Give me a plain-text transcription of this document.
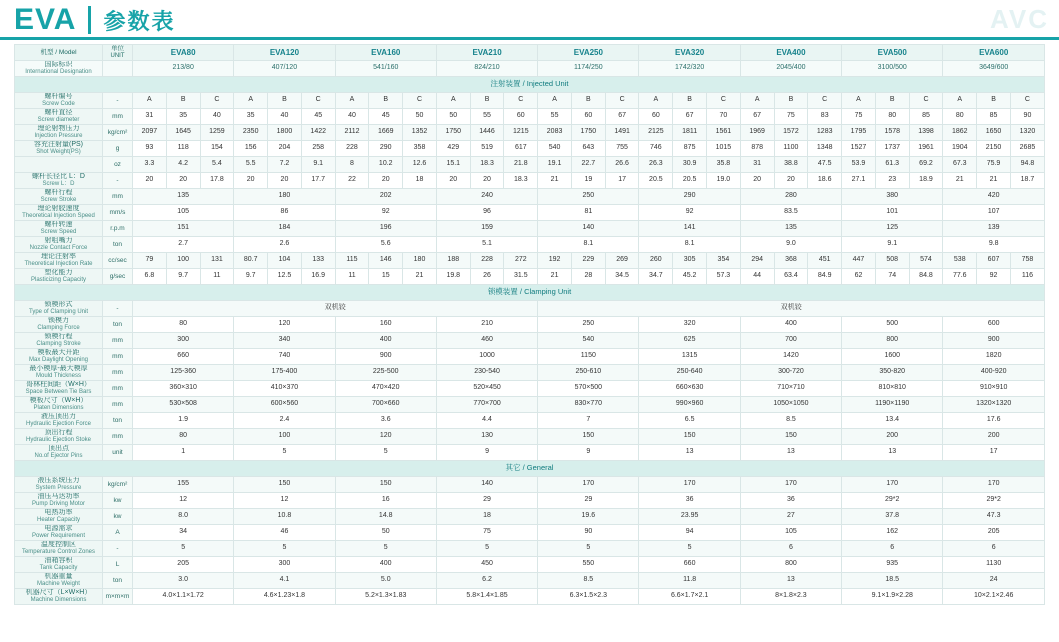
EVA 参数表	AVC
机型 / Model	单位
UNIT	EVA80			EVA120			EVA160			EVA210			EVA250			EVA320			EVA400			EVA500			EVA600		

国际标识
International Designation		213/80			407/120			541/160			824/210			1174/250			1742/320			2045/400			3100/500			3649/600		
注射装置 / Injected Unit																												

螺杆编号
Screw Code	-	A	B	C	A	B	C	A	B	C	A	B	C	A	B	C	A	B	C	A	B	C	A	B	C	A	B	C

螺杆直径
Screw diameter	mm	31	35	40	35	40	45	40	45	50	50	55	60	55	60	67	60	67	70	67	75	83	75	80	85	80	85	90

理论射物压力
Injection Pressure	kg/cm²	2097	1645	1259	2350	1800	1422	2112	1669	1352	1750	1446	1215	2083	1750	1491	2125	1811	1561	1969	1572	1283	1795	1578	1398	1862	1650	1320

容充注射量(PS)
Shot Weight(PS)	g	93	118	154	156	204	258	228	290	358	429	519	617	540	643	755	746	875	1015	878	1100	1348	1527	1737	1961	1904	2150	2685
	oz	3.3	4.2	5.4	5.5	7.2	9.1	8	10.2	12.6	15.1	18.3	21.8	19.1	22.7	26.6	26.3	30.9	35.8	31	38.8	47.5	53.9	61.3	69.2	67.3	75.9	94.8

螺杆长径比 L：D
Screw L：D	-	20	20	17.8	20	20	17.7	22	20	18	20	20	18.3	21	19	17	20.5	20.5	19.0	20	20	18.6	27.1	23	18.9	21	21	18.7

螺杆行程
Screw Stroke	mm	135			180			202			240			250			290			280			380			420		

理论射胶速度
Theoretical Injection Speed	mm/s	105			86			92			96			81			92			83.5			101			107		

螺杆转速
Screw Speed	r.p.m	151			184			196			159			140			141			135			125			139		

射咀嘴力
Nozzle Contact Force	ton	2.7			2.6			5.6			5.1			8.1			8.1			9.0			9.1			9.8		

理论注射率
Theoretical Injection Rate	cc/sec	79	100	131	80.7	104	133	115	146	180	188	228	272	192	229	269	260	305	354	294	368	451	447	508	574	538	607	758

塑化能力
Plasticizing Capacity	g/sec	6.8	9.7	11	9.7	12.5	16.9	11	15	21	19.8	26	31.5	21	28	34.5	34.7	45.2	57.3	44	63.4	84.9	62	74	84.8	77.6	92	116
锁模装置 / Clamping Unit																												

锁模形式
Type of Clamping Unit	-	双机铰												双机铰														

锁模力
Clamping Force	ton	80			120			160			210			250			320			400			500			600		

锁模行程
Clamping Stroke	mm	300			340			400			460			540			625			700			800			900		

模板最大开距
Max Daylight Opening	mm	660			740			900			1000			1150			1315			1420			1600			1820		

最小模厚-最大模厚
Mould Thickness	mm	125-360			175-400			225-500			230-540			250-610			250-640			300-720			350-820			400-920		

哥林柱间距（W×H）
Space Between Tie Bars	mm	360×310			410×370			470×420			520×450			570×500			660×630			710×710			810×810			910×910		

模板尺寸（W×H）
Platen Dimensions	mm	530×508			600×560			700×660			770×700			830×770			990×960			1050×1050			1190×1190			1320×1320		

液压顶出力
Hydraulic Ejection Force	ton	1.9			2.4			3.6			4.4			7			6.5			8.5			13.4			17.6		

顶出行程
Hydraulic Ejection Stoke	mm	80			100			120			130			150			150			150			200			200		

顶出点
No.of Ejector Pins	unit	1			5			5			9			9			13			13			13			17		
其它 / General																												

液压系统压力
System Pressure	kg/cm²	155			150			150			140			170			170			170			170			170		

油压马达功率
Pump Driving Motor	kw	12			12			16			29			29			36			36			29*2			29*2		

电热功率
Heater Capacity	kw	8.0			10.8			14.8			18			19.6			23.95			27			37.8			47.3		

电源需求
Power Requirement	A	34			46			50			75			90			94			105			162			205		

温度控制区
Temperature Control Zones	-	5			5			5			5			5			5			6			6			6		

油箱容积
Tank Capacity	L	205			300			400			450			550			660			800			935			1130		

机器重量
Machine Weight	ton	3.0			4.1			5.0			6.2			8.5			11.8			13			18.5			24		

机器尺寸（L×W×H）
Machine Dimensions	m×m×m	4.0×1.1×1.72			4.6×1.23×1.8			5.2×1.3×1.83			5.8×1.4×1.85			6.3×1.5×2.3			6.6×1.7×2.1			8×1.8×2.3			9.1×1.9×2.28			10×2.1×2.46		
